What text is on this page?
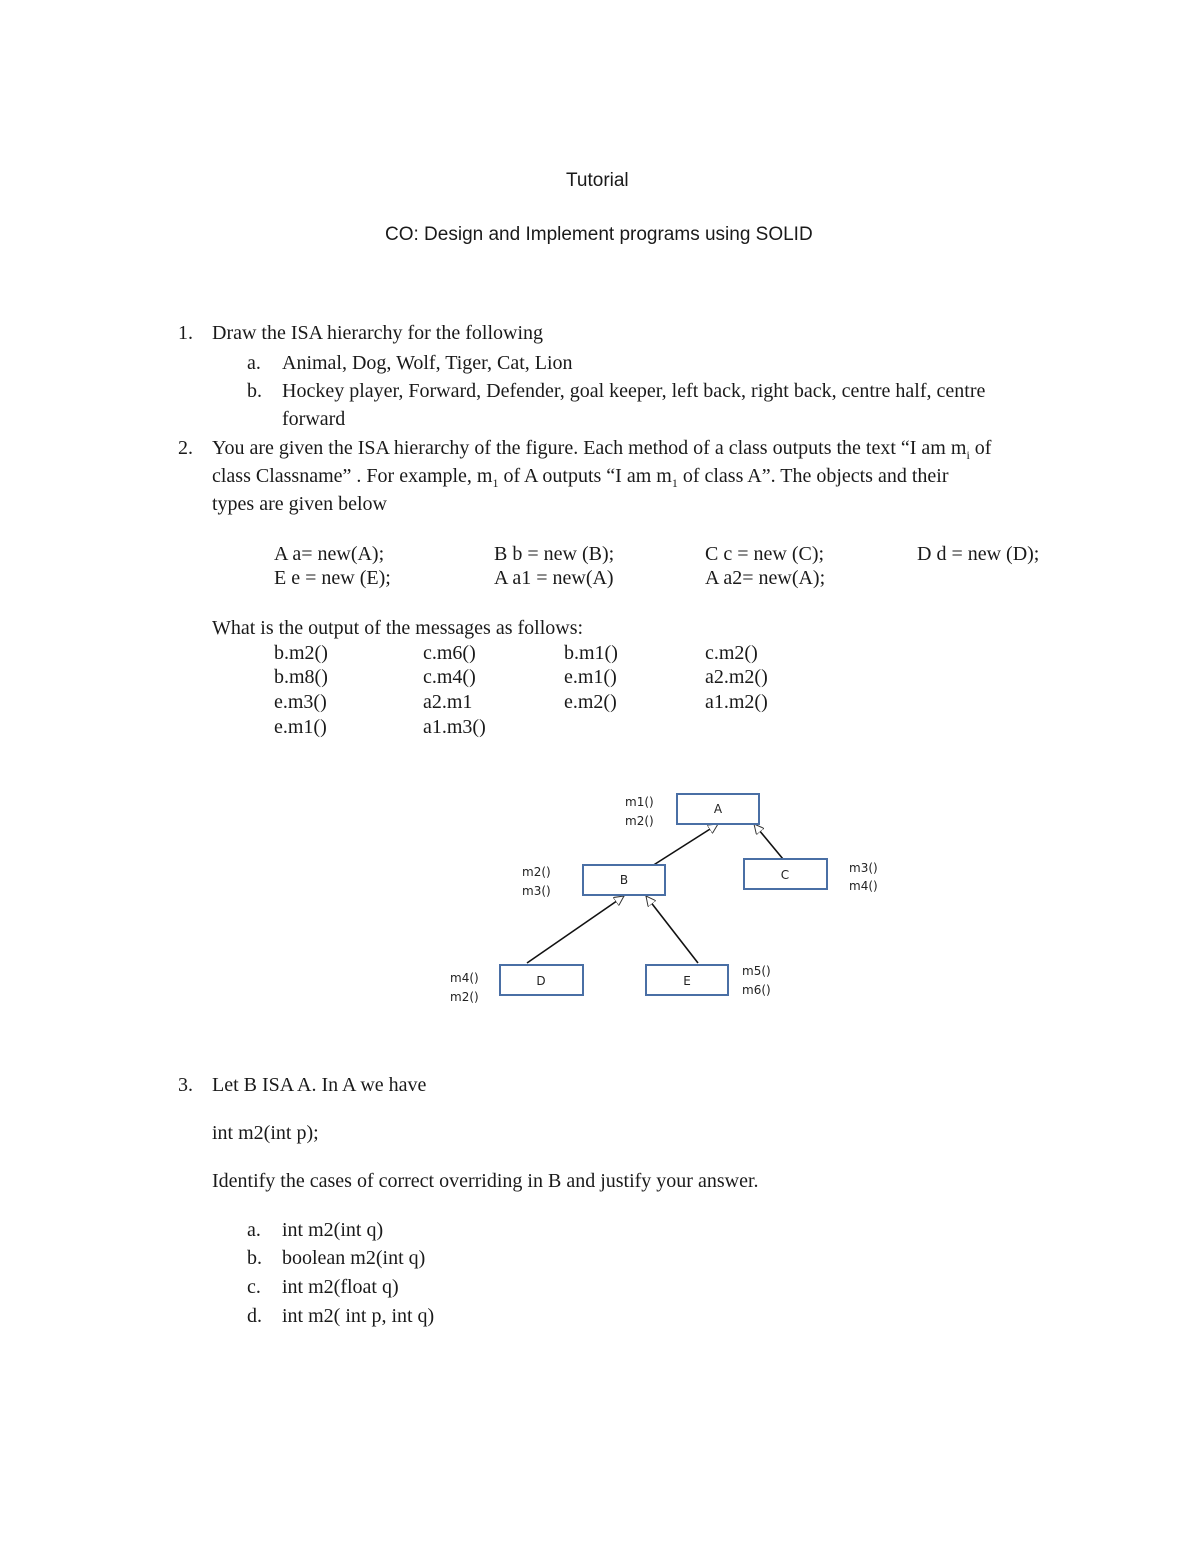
Tutorial
CO: Design and Implement programs using SOLID
1. Draw the ISA hierarchy for the following
a. Animal, Dog, Wolf, Tiger, Cat, Lion
b. Hockey player, Forward, Defender, goal keeper, left back, right back, centre half, centre
forward
2. You are given the ISA hierarchy of the figure. Each method of a class outputs the text “I am $m_i$ of
class Classname” . For example, $m_1$ of A outputs “I am $m_1$ of class A”. The objects and their
types are given below
A a= new(A);	B b = new (B);	C c = new (C);	D d = new (D);
E e = new (E);	A a1 = new(A)	A a2= new(A);
What is the output of the messages as follows:
b.m2()	c.m6()	b.m1()	c.m2()
b.m8()	c.m4()	e.m1()	a2.m2()
e.m3()	a2.m1	e.m2()	a1.m2()
e.m1()	a1.m3()
A
B	C
D	E
m1()
m2()
m2()
m3()
m3()
m4()
m4()
m2()
m5()
m6()
3. Let B ISA A. In A we have
int m2(int p);
Identify the cases of correct overriding in B and justify your answer.
a. int m2(int q)
b. boolean m2(int q)
c. int m2(float q)
d. int m2( int p, int q)
